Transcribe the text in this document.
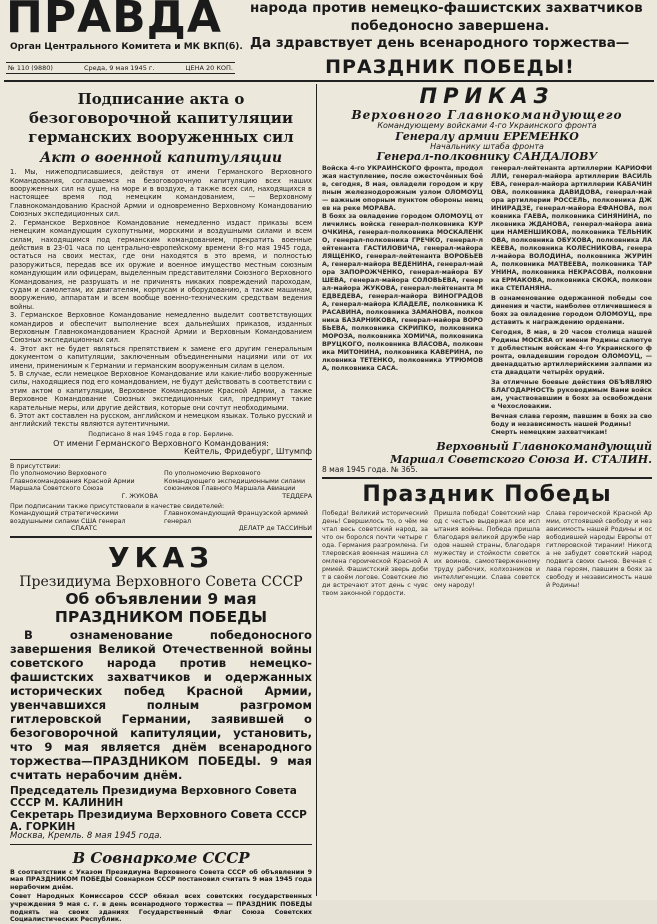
ПРАВДА
Орган Центрального Комитета и МК ВКП(б).
№ 110 (9880)	Среда, 9 мая 1945 г.	ЦЕНА 20 КОП.
народа против немецко-фашистских захватчиков
победоносно завершена.
Да здравствует день всенародного торжества—
ПРАЗДНИК ПОБЕДЫ!
Подписание акта о безоговорочной капитуляции германских вооруженных сил
Акт о военной капитуляции
1. Мы, нижеподписавшиеся, действуя от имени Германского Верховного Командования, соглашаемся на безоговорочную капитуляцию всех наших вооруженных сил на суше, на море и в воздухе, а также всех сил, находящихся в настоящее время под немецким командованием, — Верховному Главнокомандованию Красной Армии и одновременно Верховному Командованию Союзных экспедиционных сил.
2. Германское Верховное Командование немедленно издаст приказы всем немецким командующим сухопутными, морскими и воздушными силами и всем силам, находящимся под германским командованием, прекратить военные действия в 23-01 часа по центрально-европейскому времени 8-го мая 1945 года, остаться на своих местах, где они находятся в это время, и полностью разоружиться, передав все их оружие и военное имущество местным союзным командующим или офицерам, выделенным представителями Союзного Верховного Командования, не разрушать и не причинять никаких повреждений пароходам, судам и самолетам, их двигателям, корпусам и оборудованию, а также машинам, вооружению, аппаратам и всем вообще военно-техническим средствам ведения войны.
3. Германское Верховное Командование немедленно выделит соответствующих командиров и обеспечит выполнение всех дальнейших приказов, изданных Верховным Главнокомандованием Красной Армии и Верховным Командованием Союзных экспедиционных сил.
4. Этот акт не будет являться препятствием к замене его другим генеральным документом о капитуляции, заключенным объединенными нациями или от их имени, применимым к Германии и германским вооруженным силам в целом.
5. В случае, если немецкое Верховное Командование или какие-либо вооруженные силы, находящиеся под его командованием, не будут действовать в соответствии с этим актом о капитуляции, Верховное Командование Красной Армии, а также Верховное Командование Союзных экспедиционных сил, предпримут такие карательные меры, или другие действия, которые они сочтут необходимыми.
6. Этот акт составлен на русском, английском и немецком языках. Только русский и английский тексты являются аутентичными.
Подписано 8 мая 1945 года в гор. Берлине.
От имени Германского Верховного Командования:
Кейтель, Фридебург, Штумпф
В присутствии:
По уполномочию Верховного Главнокомандования Красной Армии Маршала Советского Союза
Г. ЖУКОВА
По уполномочию Верховного Командующего экспедиционными силами союзников Главного Маршала Авиации
ТЕДДЕРА
При подписании также присутствовали в качестве свидетелей:
Командующий стратегическими воздушными силами США генерал
СПААТС
Главнокомандующий Французской армией генерал
ДЕЛАТР де ТАССИНЬИ
УКАЗ
Президиума Верховного Совета СССР
Об объявлении 9 мая ПРАЗДНИКОМ ПОБЕДЫ
В ознаменование победоносного завершения Великой Отечественной войны советского народа против немецко-фашистских захватчиков и одержанных исторических побед Красной Армии, увенчавшихся полным разгромом гитлеровской Германии, заявившей о безоговорочной капитуляции, установить, что 9 мая является днём всенародного торжества—ПРАЗДНИКОМ ПОБЕДЫ. 9 мая считать нерабочим днём.
Председатель Президиума Верховного Совета СССР М. КАЛИНИН
Секретарь Президиума Верховного Совета СССР А. ГОРКИН
Москва, Кремль. 8 мая 1945 года.
В Совнаркоме СССР
В соответствии с Указом Президиума Верховного Совета СССР об объявлении 9 мая ПРАЗДНИКОМ ПОБЕДЫ Совнарком СССР постановил считать 9 мая 1945 года нерабочим днём.
Совет Народных Комиссаров СССР обязал всех советских государственных учреждения 9 мая с. г. в день всенародного торжества — ПРАЗДНИК ПОБЕДЫ поднять на своих зданиях Государственный Флаг Союза Советских Социалистических Республик.
ПРИКАЗ
Верховного Главнокомандующего
Командующему войсками 4-го Украинского фронта
Генералу армии ЕРЕМЕНКО
Начальнику штаба фронта
Генерал-полковнику САНДАЛОВУ
Войска 4-го УКРАИНСКОГО фронта, продолжая наступление, после ожесточённых боёв, сегодня, 8 мая, овладели городом и крупным железнодорожным узлом ОЛОМОУЦ — важным опорным пунктом обороны немцев на реке МОРАВА.
В боях за овладение городом ОЛОМОУЦ отличились войска генерал-полковника КУРОЧКИНА, генерал-полковника МОСКАЛЕНКО, генерал-полковника ГРЕЧКО, генерал-лейтенанта ГАСТИЛОВИЧА, генерал-майора ЛЯЩЕНКО, генерал-лейтенанта ВОРОБЬЕВА, генерал-майора ВЕДЕНИНА, генерал-майора ЗАПОРОЖЧЕНКО, генерал-майора БУШЕВА, генерал-майора СОЛОВЬЕВА, генерал-майора ЖУКОВА, генерал-лейтенанта МЕДВЕДЕВА, генерал-майора ВИНОГРАДОВА, генерал-майора КЛАДЕЛЕ, полковника КРАСАВИНА, полковника ЗАМАНОВА, полковника БАЗАРНИКОВА, генерал-майора ВОРОБЬЕВА, полковника СКРИПКО, полковника МОРОЗА, полковника ХОМИЧА, полковника ВРУЦКОГО, полковника ВЛАСОВА, полковника МИТОНИНА, полковника КАВЕРИНА, полковника ТЕТЕНКО, полковника УТРЮМОВА, полковника САСА.
генерал-лейтенанта артиллерии КАРИОФИЛЛИ, генерал-майора артиллерии ВАСИЛЬЕВА, генерал-майора артиллерии КАБАЧИНОВА, полковника ДАВИДОВА, генерал-майора артиллерии РОССЕЛЬ, полковника ДЖИНИРАДЗЕ, генерал-майора ЕФАНОВА, полковника ГАЕВА, полковника СИНЯНИНА, полковника ЖДАНОВА, генерал-майора авиации НАМЕНШИКОВА, полковника ТЕЛЬНИКОВА, полковника ОБУХОВА, полковника ЛАКЕЕВА, полковника КОЛЕСНИКОВА, генерал-майора ВОЛОДИНА, полковника ЖУРИНА, полковника МАТВЕЕВА, полковника ТАРУНИНА, полковника НЕКРАСОВА, полковника ЕРМАКОВА, полковника СКОКА, полковника СТЕПАНЯНА.
В ознаменование одержанной победы соединения и части, наиболее отличившиеся в боях за овладение городом ОЛОМОУЦ, представить к награждению орденами.
Сегодня, 8 мая, в 20 часов столица нашей Родины МОСКВА от имени Родины салютует доблестным войскам 4-го Украинского фронта, овладевшим городом ОЛОМОУЦ, — двенадцатью артиллерийскими залпами из ста двадцати четырёх орудий.
За отличные боевые действия ОБЪЯВЛЯЮ БЛАГОДАРНОСТЬ руководимым Вами войскам, участвовавшим в боях за освобождение Чехословакии.
Вечная слава героям, павшим в боях за свободу и независимость нашей Родины!
Смерть немецким захватчикам!
Верховный Главнокомандующий
Маршал Советского Союза И. СТАЛИН.
8 мая 1945 года. № 365.
Праздник Победы
Победа! Великий исторический день! Свершилось то, о чём мечтал весь советский народ, за что он боролся почти четыре года. Германия разгромлена. Гитлеровская военная машина сломлена героической Красной Армией. Фашистский зверь добит в своём логове. Советские люди встречают этот день с чувством законной гордости.
Пришла победа! Советский народ с честью выдержал все испытания войны. Победа пришла благодаря великой дружбе народов нашей страны, благодаря мужеству и стойкости советских воинов, самоотверженному труду рабочих, колхозников и интеллигенции. Слава советскому народу!
Слава героической Красной Армии, отстоявшей свободу и независимость нашей Родины и освободившей народы Европы от гитлеровской тирании! Никогда не забудет советский народ подвига своих сынов. Вечная слава героям, павшим в боях за свободу и независимость нашей Родины!
